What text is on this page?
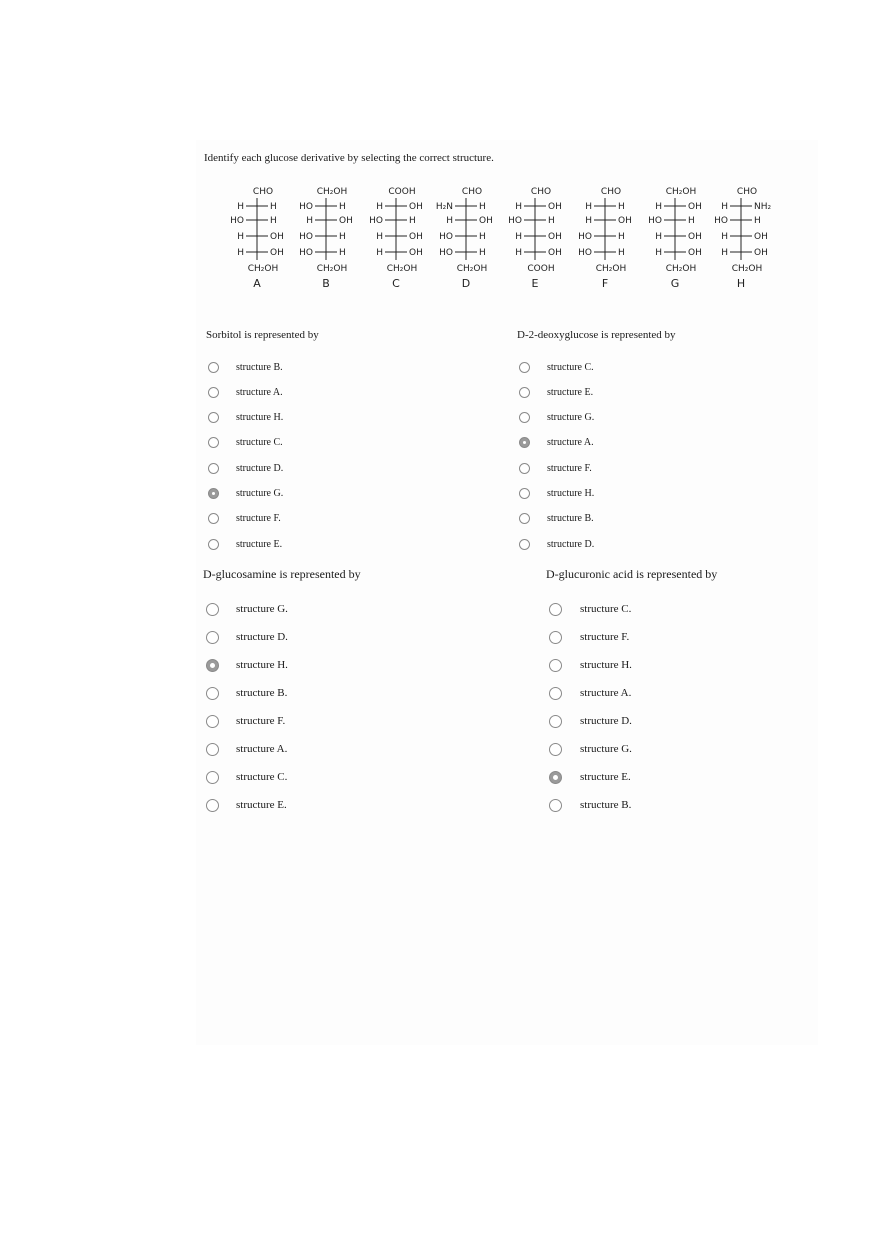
Identify each glucose derivative by selecting the correct structure.
CHO
H	H
HO	H
H	OH
H	OH
CH₂OH
A
CH₂OH
HO	H
H	OH
HO	H
HO	H
CH₂OH
B
COOH
H	OH
HO	H
H	OH
H	OH
CH₂OH
C
CHO
H₂N	H
H	OH
HO	H
HO	H
CH₂OH
D
CHO
H	OH
HO	H
H	OH
H	OH
COOH
E
CHO
H	H
H	OH
HO	H
HO	H
CH₂OH
F
CH₂OH
H	OH
HO	H
H	OH
H	OH
CH₂OH
G
CHO
H	NH₂
HO	H
H	OH
H	OH
CH₂OH
H
Sorbitol is represented by
structure B.
structure A.
structure H.
structure C.
structure D.
structure G.
structure F.
structure E.
D-2-deoxyglucose is represented by
structure C.
structure E.
structure G.
structure A.
structure F.
structure H.
structure B.
structure D.
D-glucosamine is represented by
structure G.
structure D.
structure H.
structure B.
structure F.
structure A.
structure C.
structure E.
D-glucuronic acid is represented by
structure C.
structure F.
structure H.
structure A.
structure D.
structure G.
structure E.
structure B.
